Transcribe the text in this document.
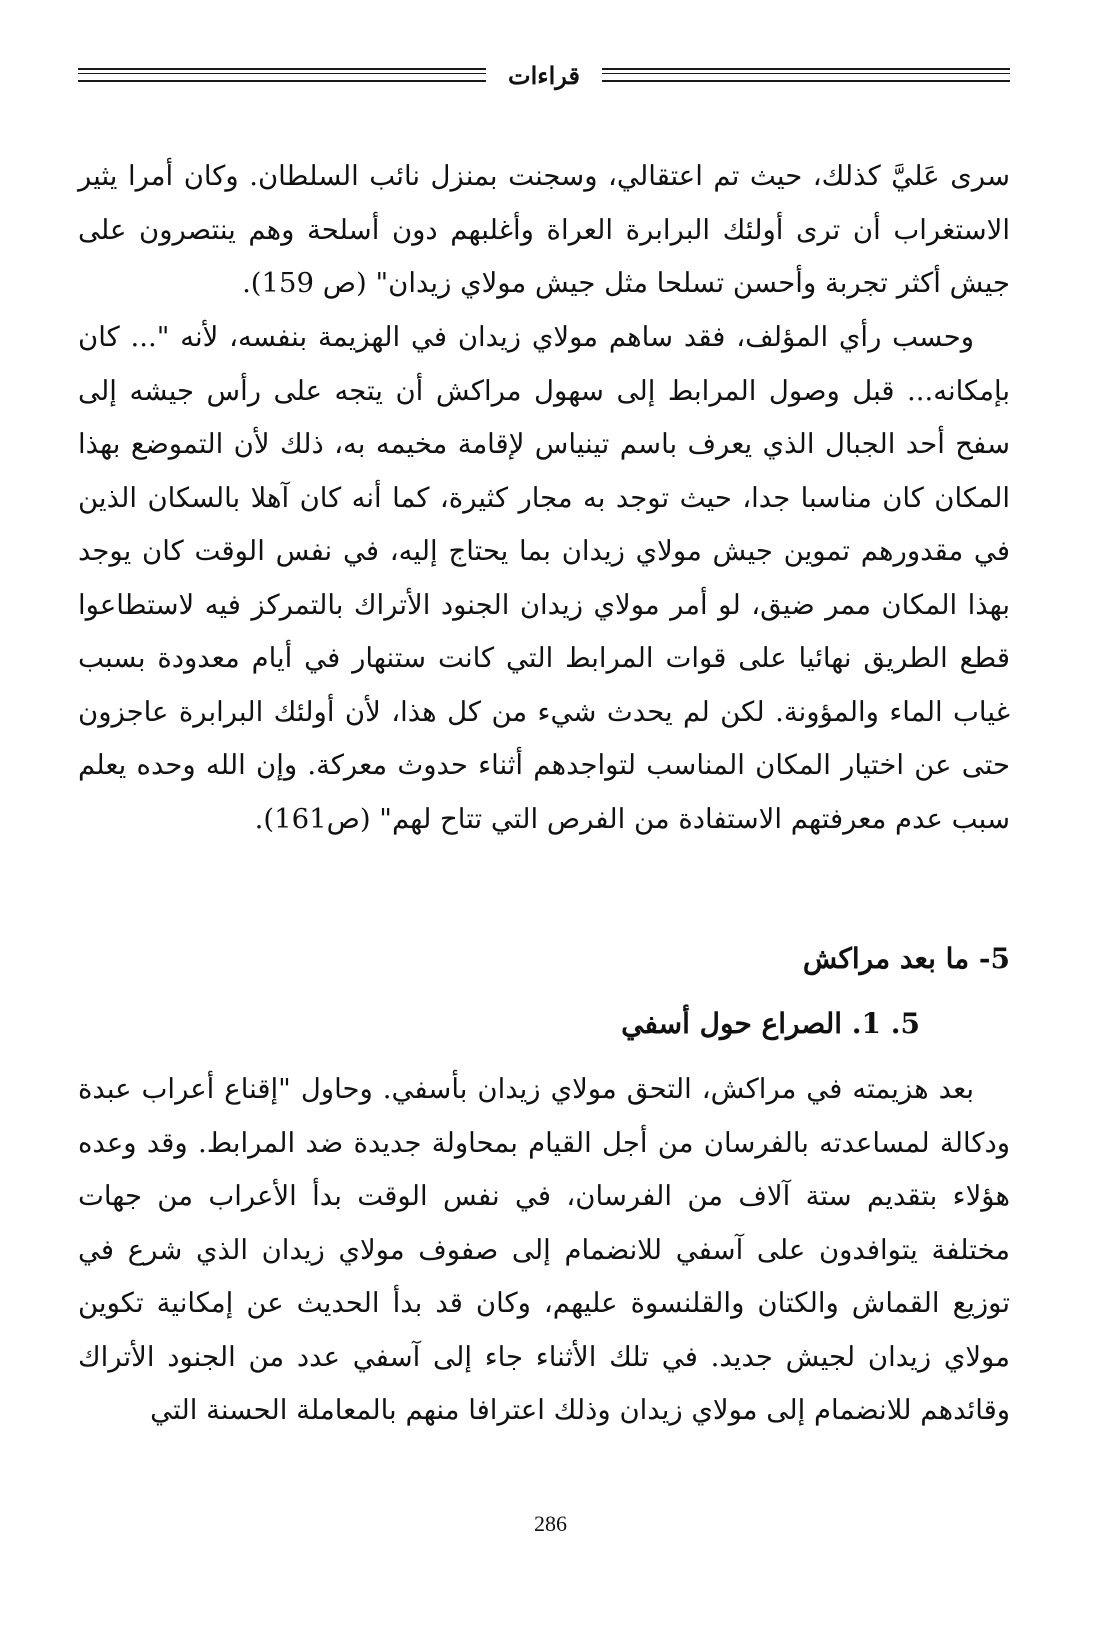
قراءات

سرى عَليَّ كذلك، حيث تم اعتقالي، وسجنت بمنزل نائب السلطان. وكان أمرا يثير الاستغراب أن ترى أولئك البرابرة العراة وأغلبهم دون أسلحة وهم ينتصرون على جيش أكثر تجربة وأحسن تسلحا مثل جيش مولاي زيدان" (ص 159).

وحسب رأي المؤلف، فقد ساهم مولاي زيدان في الهزيمة بنفسه، لأنه "... كان بإمكانه... قبل وصول المرابط إلى سهول مراكش أن يتجه على رأس جيشه إلى سفح أحد الجبال الذي يعرف باسم تينياس لإقامة مخيمه به، ذلك لأن التموضع بهذا المكان كان مناسبا جدا، حيث توجد به مجار كثيرة، كما أنه كان آهلا بالسكان الذين في مقدورهم تموين جيش مولاي زيدان بما يحتاج إليه، في نفس الوقت كان يوجد بهذا المكان ممر ضيق، لو أمر مولاي زيدان الجنود الأتراك بالتمركز فيه لاستطاعوا قطع الطريق نهائيا على قوات المرابط التي كانت ستنهار في أيام معدودة بسبب غياب الماء والمؤونة. لكن لم يحدث شيء من كل هذا، لأن أولئك البرابرة عاجزون حتى عن اختيار المكان المناسب لتواجدهم أثناء حدوث معركة. وإن الله وحده يعلم سبب عدم معرفتهم الاستفادة من الفرص التي تتاح لهم" (ص161).

5- ما بعد مراكش
5. 1. الصراع حول أسفي

بعد هزيمته في مراكش، التحق مولاي زيدان بأسفي. وحاول "إقناع أعراب عبدة ودكالة لمساعدته بالفرسان من أجل القيام بمحاولة جديدة ضد المرابط. وقد وعده هؤلاء بتقديم ستة آلاف من الفرسان، في نفس الوقت بدأ الأعراب من جهات مختلفة يتوافدون على آسفي للانضمام إلى صفوف مولاي زيدان الذي شرع في توزيع القماش والكتان والقلنسوة عليهم، وكان قد بدأ الحديث عن إمكانية تكوين مولاي زيدان لجيش جديد. في تلك الأثناء جاء إلى آسفي عدد من الجنود الأتراك وقائدهم للانضمام إلى مولاي زيدان وذلك اعترافا منهم بالمعاملة الحسنة التي

286
